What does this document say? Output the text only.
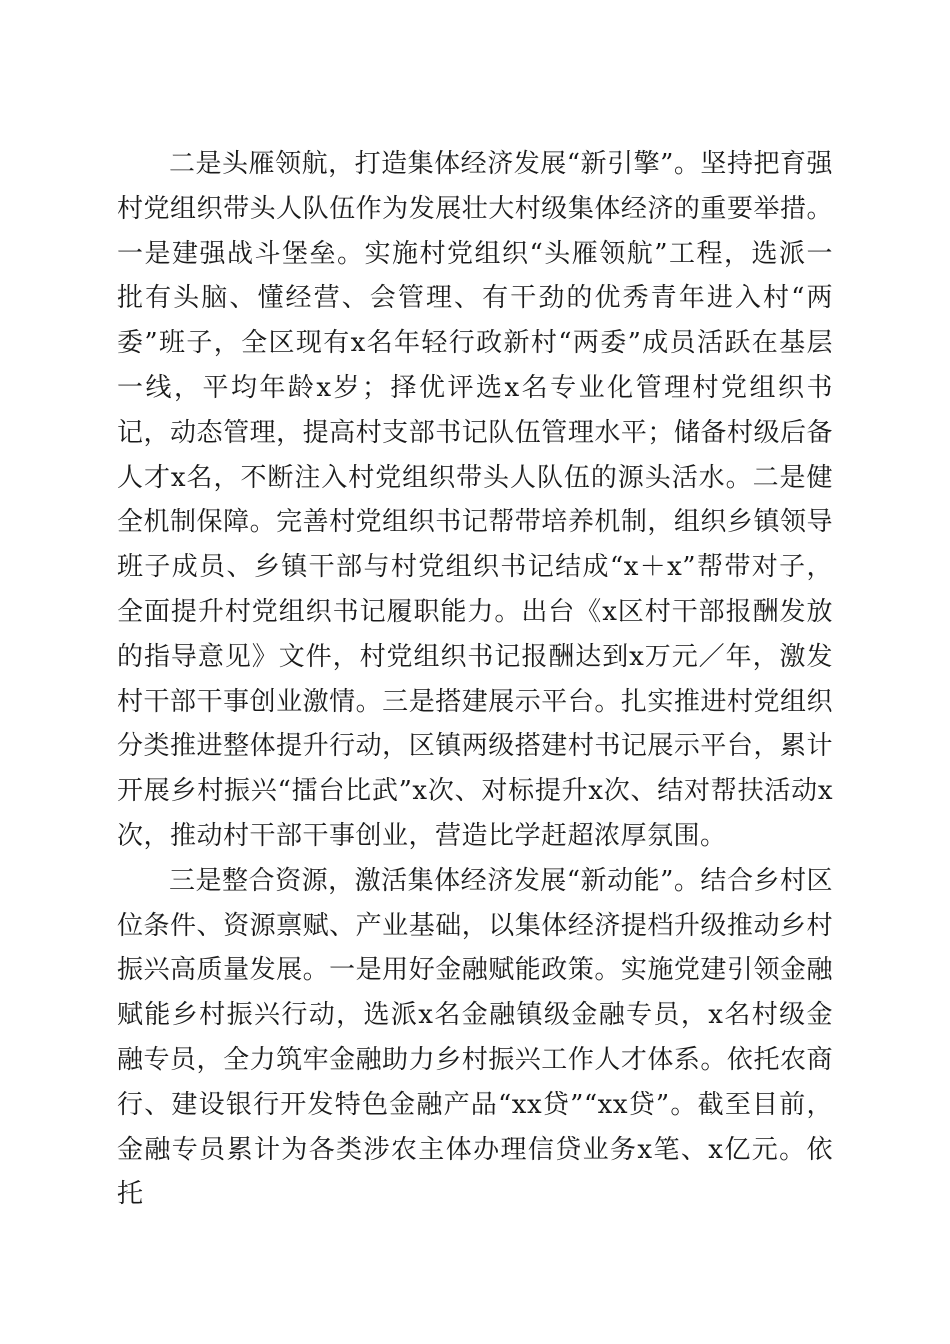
二是头雁领航，打造集体经济发展“新引擎”。坚持把育强村党组织带头人队伍作为发展壮大村级集体经济的重要举措。一是建强战斗堡垒。实施村党组织“头雁领航”工程，选派一批有头脑、懂经营、会管理、有干劲的优秀青年进入村“两委”班子，全区现有x名年轻行政新村“两委”成员活跃在基层一线，平均年龄x岁；择优评选x名专业化管理村党组织书记，动态管理，提高村支部书记队伍管理水平；储备村级后备人才x名，不断注入村党组织带头人队伍的源头活水。二是健全机制保障。完善村党组织书记帮带培养机制，组织乡镇领导班子成员、乡镇干部与村党组织书记结成“x＋x”帮带对子，全面提升村党组织书记履职能力。出台《x区村干部报酬发放的指导意见》文件，村党组织书记报酬达到x万元／年，激发村干部干事创业激情。三是搭建展示平台。扎实推进村党组织分类推进整体提升行动，区镇两级搭建村书记展示平台，累计开展乡村振兴“擂台比武”x次、对标提升x次、结对帮扶活动x次，推动村干部干事创业，营造比学赶超浓厚氛围。

三是整合资源，激活集体经济发展“新动能”。结合乡村区位条件、资源禀赋、产业基础，以集体经济提档升级推动乡村振兴高质量发展。一是用好金融赋能政策。实施党建引领金融赋能乡村振兴行动，选派x名金融镇级金融专员，x名村级金融专员，全力筑牢金融助力乡村振兴工作人才体系。依托农商行、建设银行开发特色金融产品“xx贷”“xx贷”。截至目前，金融专员累计为各类涉农主体办理信贷业务x笔、x亿元。依托
